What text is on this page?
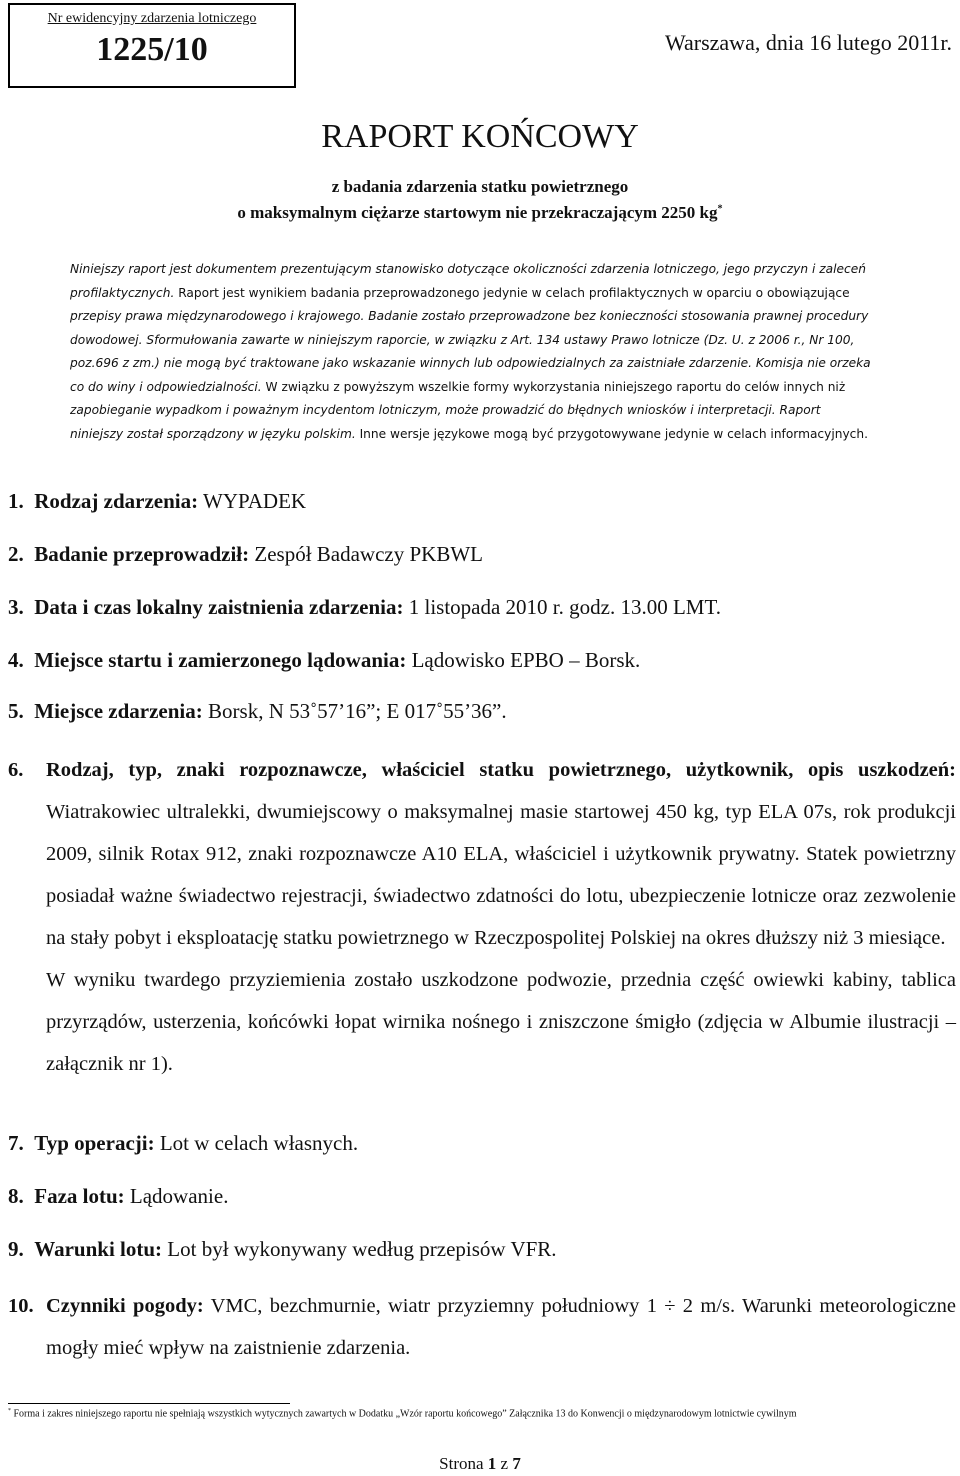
Nr ewidencyjny zdarzenia lotniczego
1225/10	Warszawa, dnia 16 lutego 2011r.
RAPORT KOŃCOWY
z badania zdarzenia statku powietrznego
o maksymalnym ciężarze startowym nie przekraczającym 2250 kg*
Niniejszy raport jest dokumentem prezentującym stanowisko dotyczące okoliczności zdarzenia lotniczego, jego przyczyn i zaleceń
profilaktycznych. Raport jest wynikiem badania przeprowadzonego jedynie w celach profilaktycznych w oparciu o obowiązujące
przepisy prawa międzynarodowego i krajowego. Badanie zostało przeprowadzone bez konieczności stosowania prawnej procedury
dowodowej. Sformułowania zawarte w niniejszym raporcie, w związku z Art. 134 ustawy Prawo lotnicze (Dz. U. z 2006 r., Nr 100,
poz.696 z zm.) nie mogą być traktowane jako wskazanie winnych lub odpowiedzialnych za zaistniałe zdarzenie. Komisja nie orzeka
co do winy i odpowiedzialności. W związku z powyższym wszelkie formy wykorzystania niniejszego raportu do celów innych niż
zapobieganie wypadkom i poważnym incydentom lotniczym, może prowadzić do błędnych wniosków i interpretacji. Raport
niniejszy został sporządzony w języku polskim. Inne wersje językowe mogą być przygotowywane jedynie w celach informacyjnych.
1. Rodzaj zdarzenia: WYPADEK
2. Badanie przeprowadził: Zespół Badawczy PKBWL
3. Data i czas lokalny zaistnienia zdarzenia: 1 listopada 2010 r. godz. 13.00 LMT.
4. Miejsce startu i zamierzonego lądowania: Lądowisko EPBO – Borsk.
5. Miejsce zdarzenia: Borsk, N 53˚57’16”; E 017˚55’36”.
6. Rodzaj, typ, znaki rozpoznawcze, właściciel statku powietrznego, użytkownik, opis uszkodzeń: Wiatrakowiec ultralekki, dwumiejscowy o maksymalnej masie startowej 450 kg, typ ELA 07s, rok produkcji 2009, silnik Rotax 912, znaki rozpoznawcze A10 ELA, właściciel i użytkownik prywatny. Statek powietrzny posiadał ważne świadectwo rejestracji, świadectwo zdatności do lotu, ubezpieczenie lotnicze oraz zezwolenie na stały pobyt i eksploatację statku powietrznego w Rzeczpospolitej Polskiej na okres dłuższy niż 3 miesiące.
W wyniku twardego przyziemienia zostało uszkodzone podwozie, przednia część owiewki kabiny, tablica przyrządów, usterzenia, końcówki łopat wirnika nośnego i zniszczone śmigło (zdjęcia w Albumie ilustracji – załącznik nr 1).
7. Typ operacji: Lot w celach własnych.
8. Faza lotu: Lądowanie.
9. Warunki lotu: Lot był wykonywany według przepisów VFR.
10. Czynniki pogody: VMC, bezchmurnie, wiatr przyziemny południowy 1 ÷ 2 m/s. Warunki meteorologiczne mogły mieć wpływ na zaistnienie zdarzenia.
* Forma i zakres niniejszego raportu nie spełniają wszystkich wytycznych zawartych w Dodatku „Wzór raportu końcowego” Załącznika 13 do Konwencji o międzynarodowym lotnictwie cywilnym
Strona 1 z 7
